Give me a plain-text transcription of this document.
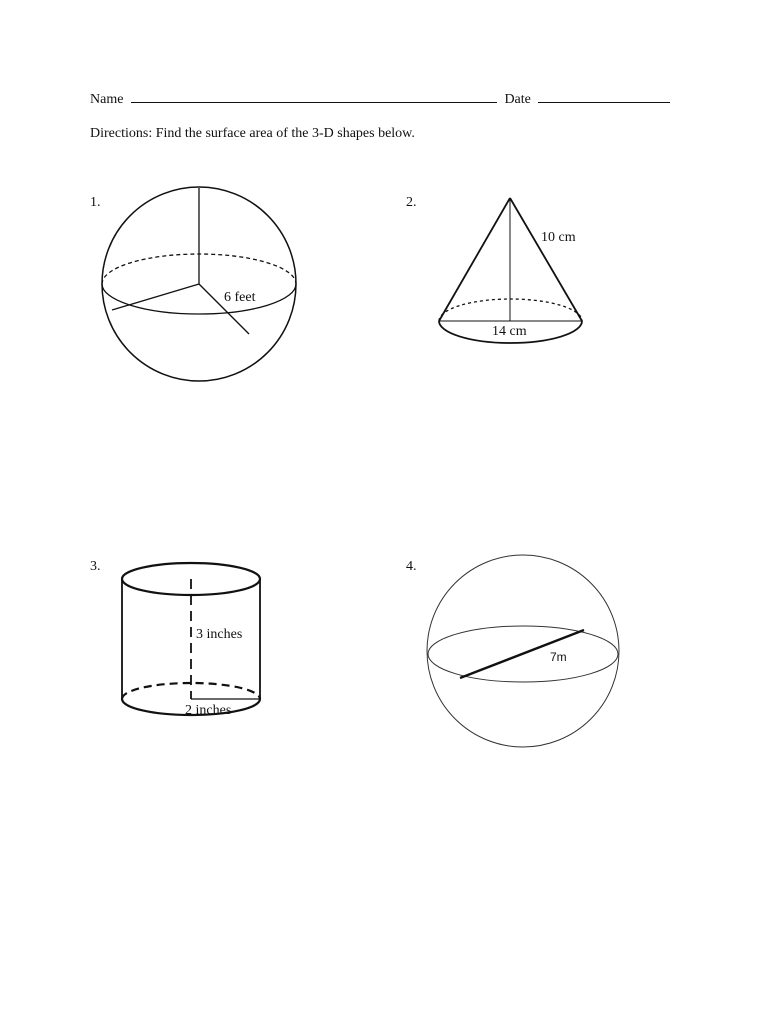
Name	Date
Directions: Find the surface area of the 3-D shapes below.
1.
6 feet
2.
10 cm
14 cm
3.
3 inches
2 inches
4.
7m
